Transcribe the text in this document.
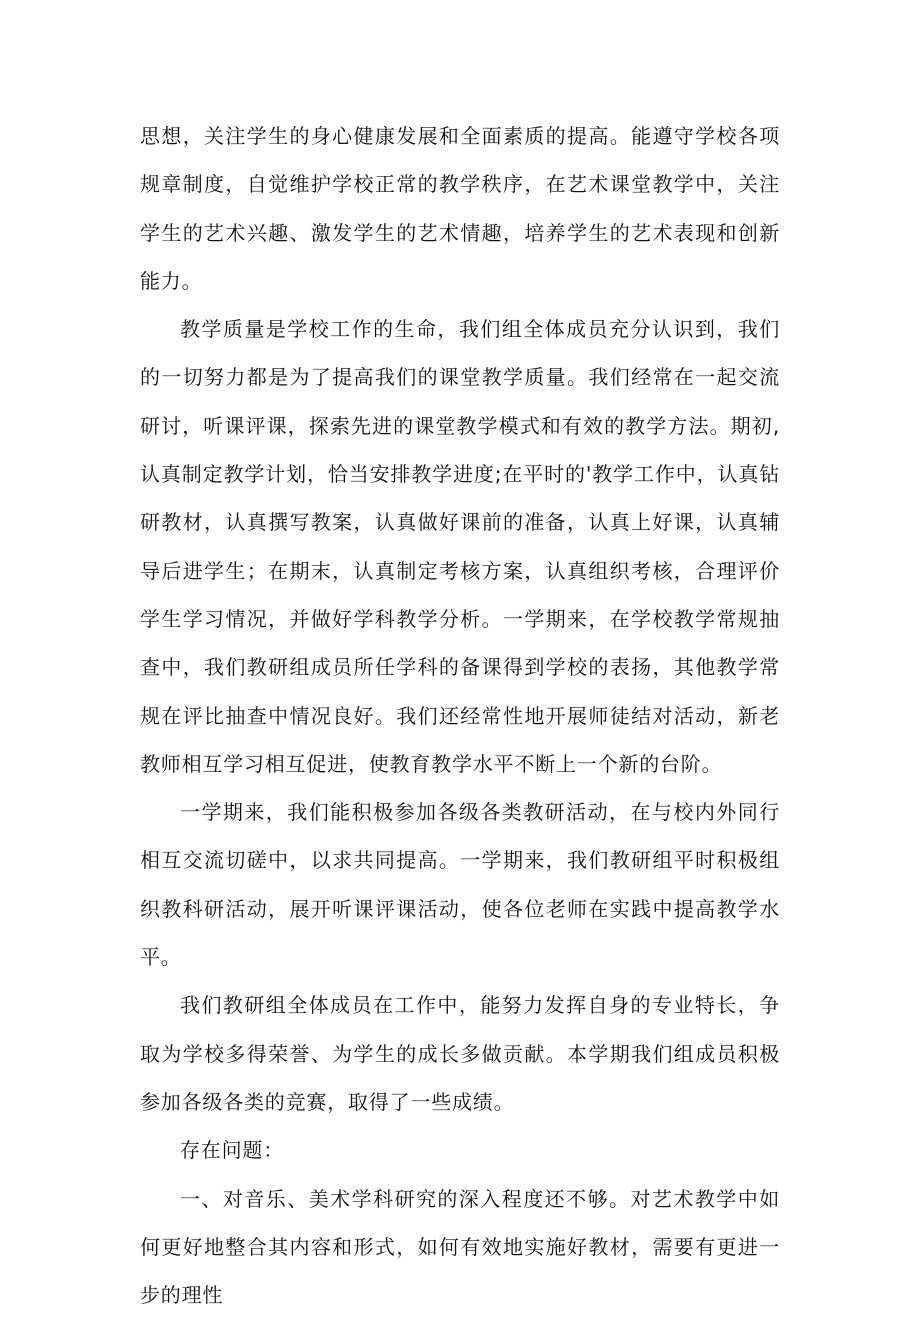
思想，关注学生的身心健康发展和全面素质的提高。能遵守学校各项规章制度，自觉维护学校正常的教学秩序，在艺术课堂教学中，关注学生的艺术兴趣、激发学生的艺术情趣，培养学生的艺术表现和创新能力。

教学质量是学校工作的生命，我们组全体成员充分认识到，我们的一切努力都是为了提高我们的课堂教学质量。我们经常在一起交流研讨，听课评课，探索先进的课堂教学模式和有效的教学方法。期初,认真制定教学计划，恰当安排教学进度;在平时的'教学工作中，认真钻研教材，认真撰写教案，认真做好课前的准备，认真上好课，认真辅导后进学生；在期末，认真制定考核方案，认真组织考核，合理评价学生学习情况，并做好学科教学分析。一学期来，在学校教学常规抽查中，我们教研组成员所任学科的备课得到学校的表扬，其他教学常规在评比抽查中情况良好。我们还经常性地开展师徒结对活动，新老教师相互学习相互促进，使教育教学水平不断上一个新的台阶。

一学期来，我们能积极参加各级各类教研活动，在与校内外同行相互交流切磋中，以求共同提高。一学期来，我们教研组平时积极组织教科研活动，展开听课评课活动，使各位老师在实践中提高教学水平。

我们教研组全体成员在工作中，能努力发挥自身的专业特长，争取为学校多得荣誉、为学生的成长多做贡献。本学期我们组成员积极参加各级各类的竞赛，取得了一些成绩。

存在问题：

一、对音乐、美术学科研究的深入程度还不够。对艺术教学中如何更好地整合其内容和形式，如何有效地实施好教材，需要有更进一步的理性
